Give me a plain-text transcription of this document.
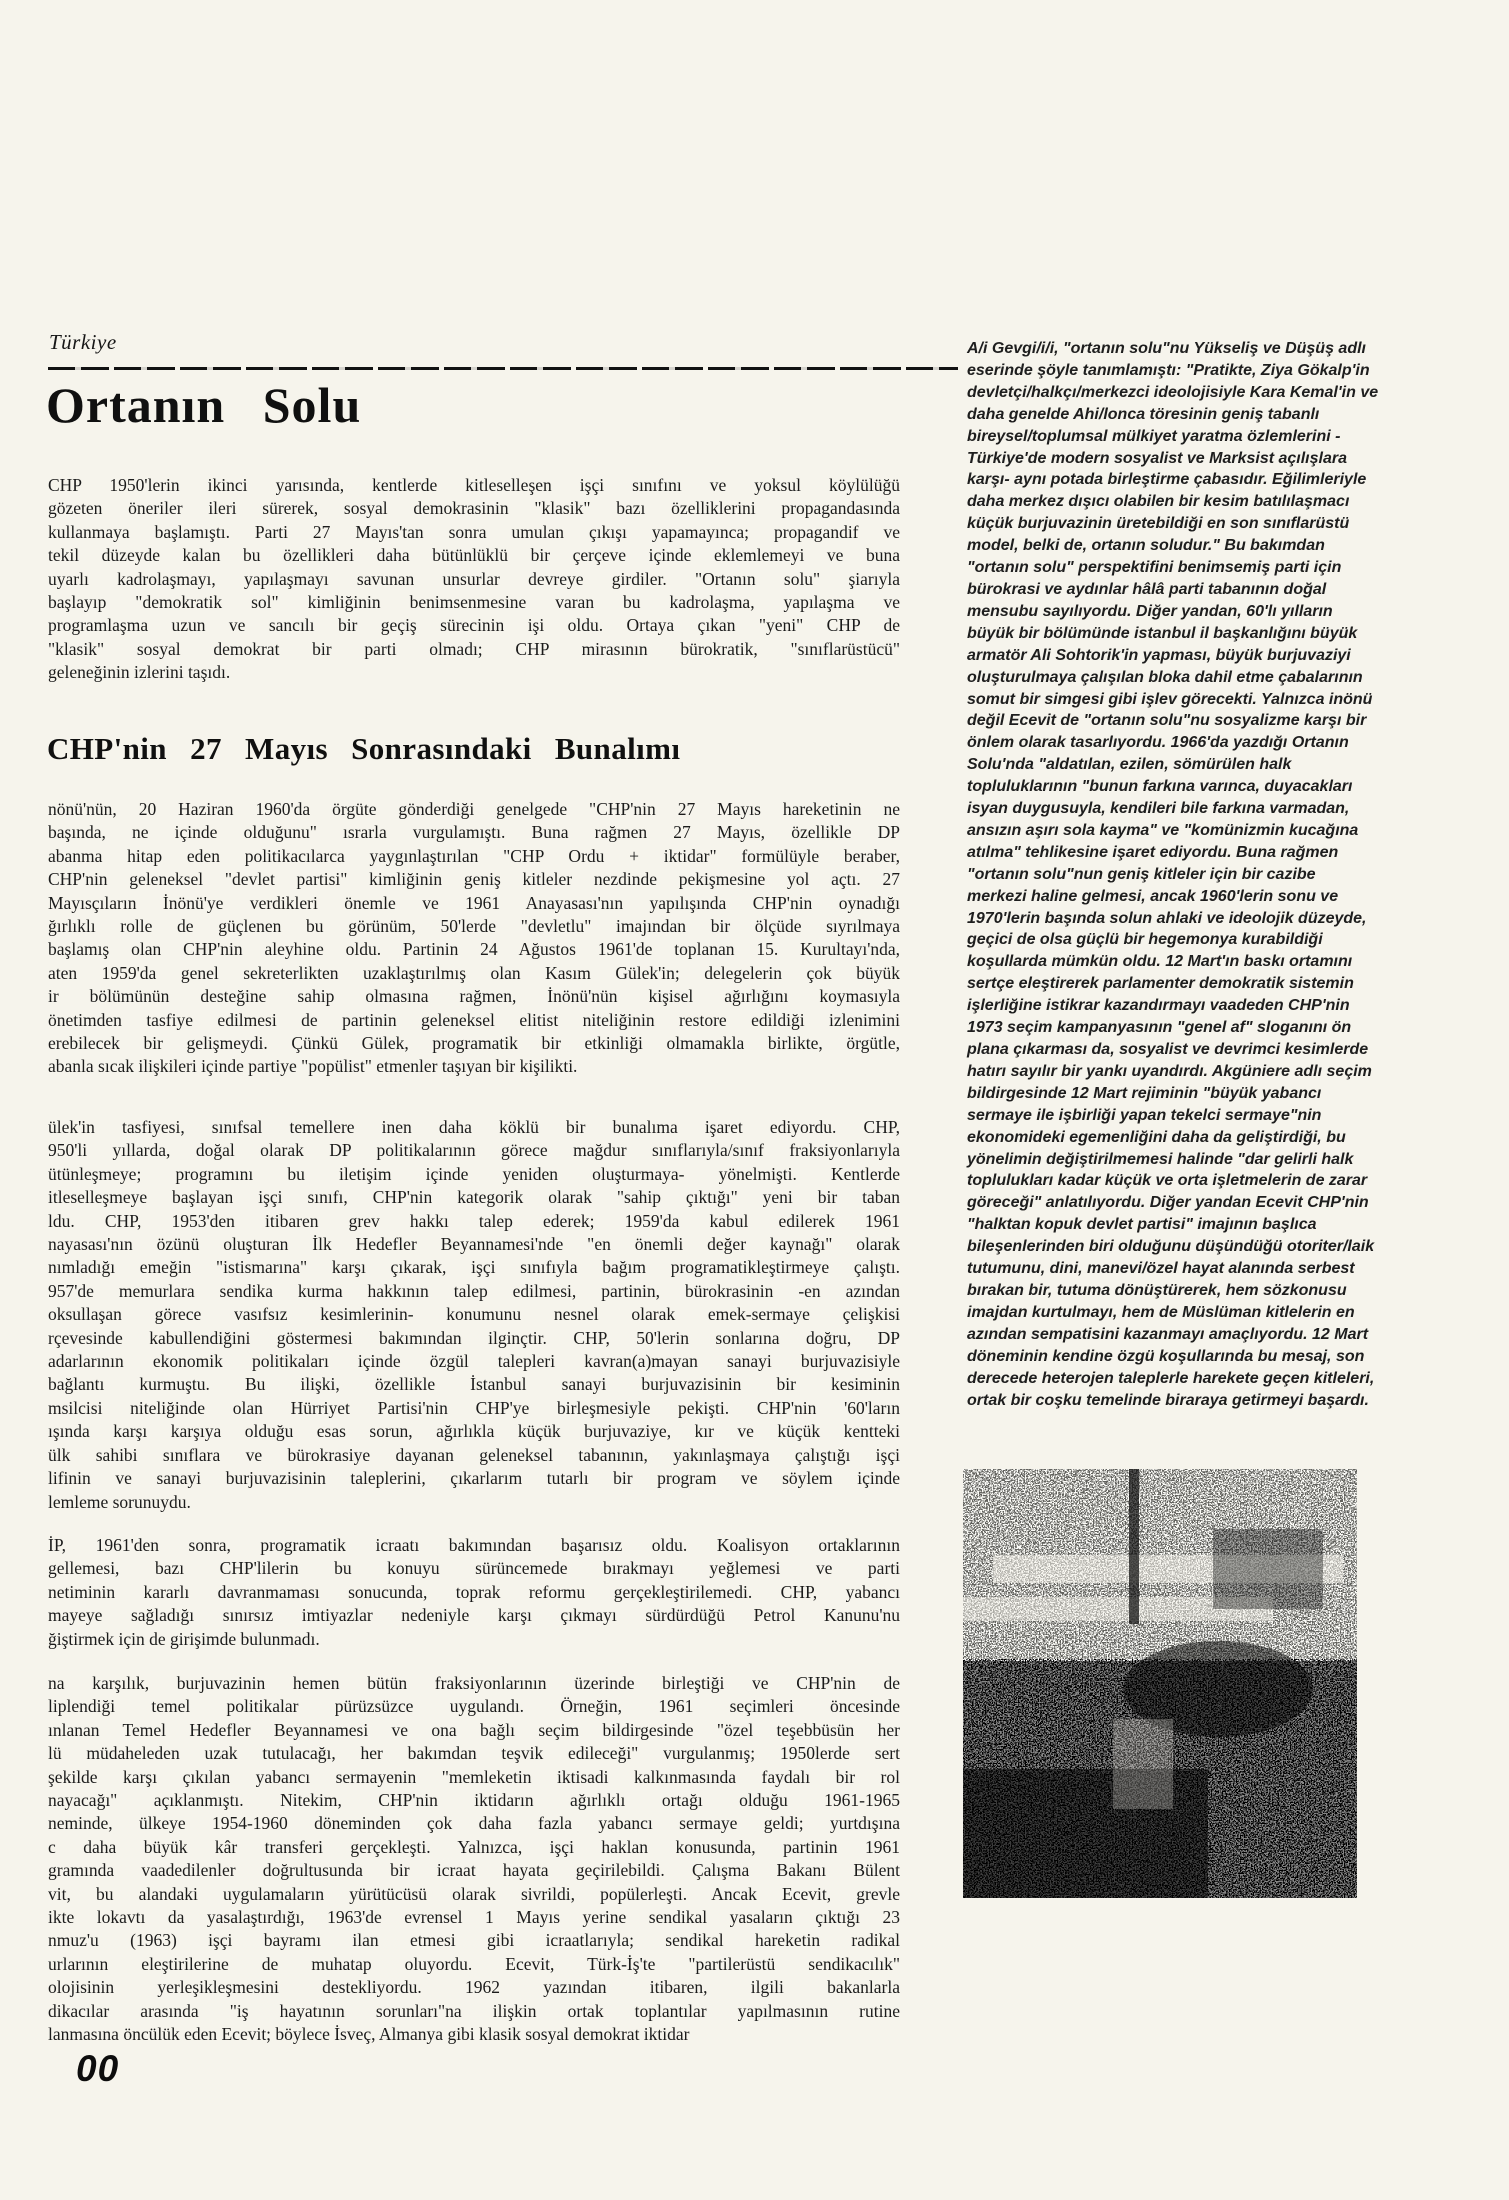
Türkiye
Ortanın Solu
CHP 1950'lerin ikinci yarısında, kentlerde kitleselleşen işçi sınıfını ve yoksul köylülüğü
gözeten öneriler ileri sürerek, sosyal demokrasinin "klasik" bazı özelliklerini propagandasında
kullanmaya başlamıştı. Parti 27 Mayıs'tan sonra umulan çıkışı yapamayınca; propagandif ve
tekil düzeyde kalan bu özellikleri daha bütünlüklü bir çerçeve içinde eklemlemeyi ve buna
uyarlı kadrolaşmayı, yapılaşmayı savunan unsurlar devreye girdiler. "Ortanın solu" şiarıyla
başlayıp "demokratik sol" kimliğinin benimsenmesine varan bu kadrolaşma, yapılaşma ve
programlaşma uzun ve sancılı bir geçiş sürecinin işi oldu. Ortaya çıkan "yeni" CHP de
"klasik" sosyal demokrat bir parti olmadı; CHP mirasının bürokratik, "sınıflarüstücü"
geleneğinin izlerini taşıdı.
CHP'nin 27 Mayıs Sonrasındaki Bunalımı
nönü'nün, 20 Haziran 1960'da örgüte gönderdiği genelgede "CHP'nin 27 Mayıs hareketinin ne
başında, ne içinde olduğunu" ısrarla vurgulamıştı. Buna rağmen 27 Mayıs, özellikle DP
abanma hitap eden politikacılarca yaygınlaştırılan "CHP Ordu + iktidar" formülüyle beraber,
CHP'nin geleneksel "devlet partisi" kimliğinin geniş kitleler nezdinde pekişmesine yol açtı. 27
Mayısçıların İnönü'ye verdikleri önemle ve 1961 Anayasası'nın yapılışında CHP'nin oynadığı
ğırlıklı rolle de güçlenen bu görünüm, 50'lerde "devletlu" imajından bir ölçüde sıyrılmaya
başlamış olan CHP'nin aleyhine oldu. Partinin 24 Ağustos 1961'de toplanan 15. Kurultayı'nda,
aten 1959'da genel sekreterlikten uzaklaştırılmış olan Kasım Gülek'in; delegelerin çok büyük
ir bölümünün desteğine sahip olmasına rağmen, İnönü'nün kişisel ağırlığını koymasıyla
önetimden tasfiye edilmesi de partinin geleneksel elitist niteliğinin restore edildiği izlenimini
erebilecek bir gelişmeydi. Çünkü Gülek, programatik bir etkinliği olmamakla birlikte, örgütle,
abanla sıcak ilişkileri içinde partiye "popülist" etmenler taşıyan bir kişilikti.
ülek'in tasfiyesi, sınıfsal temellere inen daha köklü bir bunalıma işaret ediyordu. CHP,
950'li yıllarda, doğal olarak DP politikalarının görece mağdur sınıflarıyla/sınıf fraksiyonlarıyla
ütünleşmeye; programını bu iletişim içinde yeniden oluşturmaya- yönelmişti. Kentlerde
itleselleşmeye başlayan işçi sınıfı, CHP'nin kategorik olarak "sahip çıktığı" yeni bir taban
ldu. CHP, 1953'den itibaren grev hakkı talep ederek; 1959'da kabul edilerek 1961
nayasası'nın özünü oluşturan İlk Hedefler Beyannamesi'nde "en önemli değer kaynağı" olarak
nımladığı emeğin "istismarına" karşı çıkarak, işçi sınıfıyla bağım programatikleştirmeye çalıştı.
957'de memurlara sendika kurma hakkının talep edilmesi, partinin, bürokrasinin -en azından
oksullaşan görece vasıfsız kesimlerinin- konumunu nesnel olarak emek-sermaye çelişkisi
rçevesinde kabullendiğini göstermesi bakımından ilginçtir. CHP, 50'lerin sonlarına doğru, DP
adarlarının ekonomik politikaları içinde özgül talepleri kavran(a)mayan sanayi burjuvazisiyle
bağlantı kurmuştu. Bu ilişki, özellikle İstanbul sanayi burjuvazisinin bir kesiminin
msilcisi niteliğinde olan Hürriyet Partisi'nin CHP'ye birleşmesiyle pekişti. CHP'nin '60'ların
ışında karşı karşıya olduğu esas sorun, ağırlıkla küçük burjuvaziye, kır ve küçük kentteki
ülk sahibi sınıflara ve bürokrasiye dayanan geleneksel tabanının, yakınlaşmaya çalıştığı işçi
lifinin ve sanayi burjuvazisinin taleplerini, çıkarlarım tutarlı bir program ve söylem içinde
lemleme sorunuydu.
İP, 1961'den sonra, programatik icraatı bakımından başarısız oldu. Koalisyon ortaklarının
gellemesi, bazı CHP'lilerin bu konuyu sürüncemede bırakmayı yeğlemesi ve parti
netiminin kararlı davranmaması sonucunda, toprak reformu gerçekleştirilemedi. CHP, yabancı
mayeye sağladığı sınırsız imtiyazlar nedeniyle karşı çıkmayı sürdürdüğü Petrol Kanunu'nu
ğiştirmek için de girişimde bulunmadı.
na karşılık, burjuvazinin hemen bütün fraksiyonlarının üzerinde birleştiği ve CHP'nin de
liplendiği temel politikalar pürüzsüzce uygulandı. Örneğin, 1961 seçimleri öncesinde
ınlanan Temel Hedefler Beyannamesi ve ona bağlı seçim bildirgesinde "özel teşebbüsün her
lü müdaheleden uzak tutulacağı, her bakımdan teşvik edileceği" vurgulanmış; 1950lerde sert
şekilde karşı çıkılan yabancı sermayenin "memleketin iktisadi kalkınmasında faydalı bir rol
nayacağı" açıklanmıştı. Nitekim, CHP'nin iktidarın ağırlıklı ortağı olduğu 1961-1965
neminde, ülkeye 1954-1960 döneminden çok daha fazla yabancı sermaye geldi; yurtdışına
c daha büyük kâr transferi gerçekleşti. Yalnızca, işçi haklan konusunda, partinin 1961
gramında vaadedilenler doğrultusunda bir icraat hayata geçirilebildi. Çalışma Bakanı Bülent
vit, bu alandaki uygulamaların yürütücüsü olarak sivrildi, popülerleşti. Ancak Ecevit, grevle
ikte lokavtı da yasalaştırdığı, 1963'de evrensel 1 Mayıs yerine sendikal yasaların çıktığı 23
nmuz'u (1963) işçi bayramı ilan etmesi gibi icraatlarıyla; sendikal hareketin radikal
urlarının eleştirilerine de muhatap oluyordu. Ecevit, Türk-İş'te "partilerüstü sendikacılık"
olojisinin yerleşikleşmesini destekliyordu. 1962 yazından itibaren, ilgili bakanlarla
dikacılar arasında "iş hayatının sorunları"na ilişkin ortak toplantılar yapılmasının rutine
lanmasına öncülük eden Ecevit; böylece İsveç, Almanya gibi klasik sosyal demokrat iktidar
00
A/i Gevgi/i/i, "ortanın solu"nu Yükseliş ve Düşüş adlı
eserinde şöyle tanımlamıştı: "Pratikte, Ziya Gökalp'in
devletçi/halkçı/merkezci ideolojisiyle Kara Kemal'in ve
daha genelde Ahi/lonca töresinin geniş tabanlı
bireysel/toplumsal mülkiyet yaratma özlemlerini -
Türkiye'de modern sosyalist ve Marksist açılışlara
karşı- aynı potada birleştirme çabasıdır. Eğilimleriyle
daha merkez dışıcı olabilen bir kesim batılılaşmacı
küçük burjuvazinin üretebildiği en son sınıflarüstü
model, belki de, ortanın soludur." Bu bakımdan
"ortanın solu" perspektifini benimsemiş parti için
bürokrasi ve aydınlar hâlâ parti tabanının doğal
mensubu sayılıyordu. Diğer yandan, 60'lı yılların
büyük bir bölümünde istanbul il başkanlığını büyük
armatör Ali Sohtorik'in yapması, büyük burjuvaziyi
oluşturulmaya çalışılan bloka dahil etme çabalarının
somut bir simgesi gibi işlev görecekti. Yalnızca inönü
değil Ecevit de "ortanın solu"nu sosyalizme karşı bir
önlem olarak tasarlıyordu. 1966'da yazdığı Ortanın
Solu'nda "aldatılan, ezilen, sömürülen halk
topluluklarının "bunun farkına varınca, duyacakları
isyan duygusuyla, kendileri bile farkına varmadan,
ansızın aşırı sola kayma" ve "komünizmin kucağına
atılma" tehlikesine işaret ediyordu. Buna rağmen
"ortanın solu"nun geniş kitleler için bir cazibe
merkezi haline gelmesi, ancak 1960'lerin sonu ve
1970'lerin başında solun ahlaki ve ideolojik düzeyde,
geçici de olsa güçlü bir hegemonya kurabildiği
koşullarda mümkün oldu. 12 Mart'ın baskı ortamını
sertçe eleştirerek parlamenter demokratik sistemin
işlerliğine istikrar kazandırmayı vaadeden CHP'nin
1973 seçim kampanyasının "genel af" sloganını ön
plana çıkarması da, sosyalist ve devrimci kesimlerde
hatırı sayılır bir yankı uyandırdı. Akgüniere adlı seçim
bildirgesinde 12 Mart rejiminin "büyük yabancı
sermaye ile işbirliği yapan tekelci sermaye"nin
ekonomideki egemenliğini daha da geliştirdiği, bu
yönelimin değiştirilmemesi halinde "dar gelirli halk
toplulukları kadar küçük ve orta işletmelerin de zarar
göreceği" anlatılıyordu. Diğer yandan Ecevit CHP'nin
"halktan kopuk devlet partisi" imajının başlıca
bileşenlerinden biri olduğunu düşündüğü otoriter/laik
tutumunu, dini, manevi/özel hayat alanında serbest
bırakan bir, tutuma dönüştürerek, hem sözkonusu
imajdan kurtulmayı, hem de Müslüman kitlelerin en
azından sempatisini kazanmayı amaçlıyordu. 12 Mart
döneminin kendine özgü koşullarında bu mesaj, son
derecede heterojen taleplerle harekete geçen kitleleri,
ortak bir coşku temelinde biraraya getirmeyi başardı.
